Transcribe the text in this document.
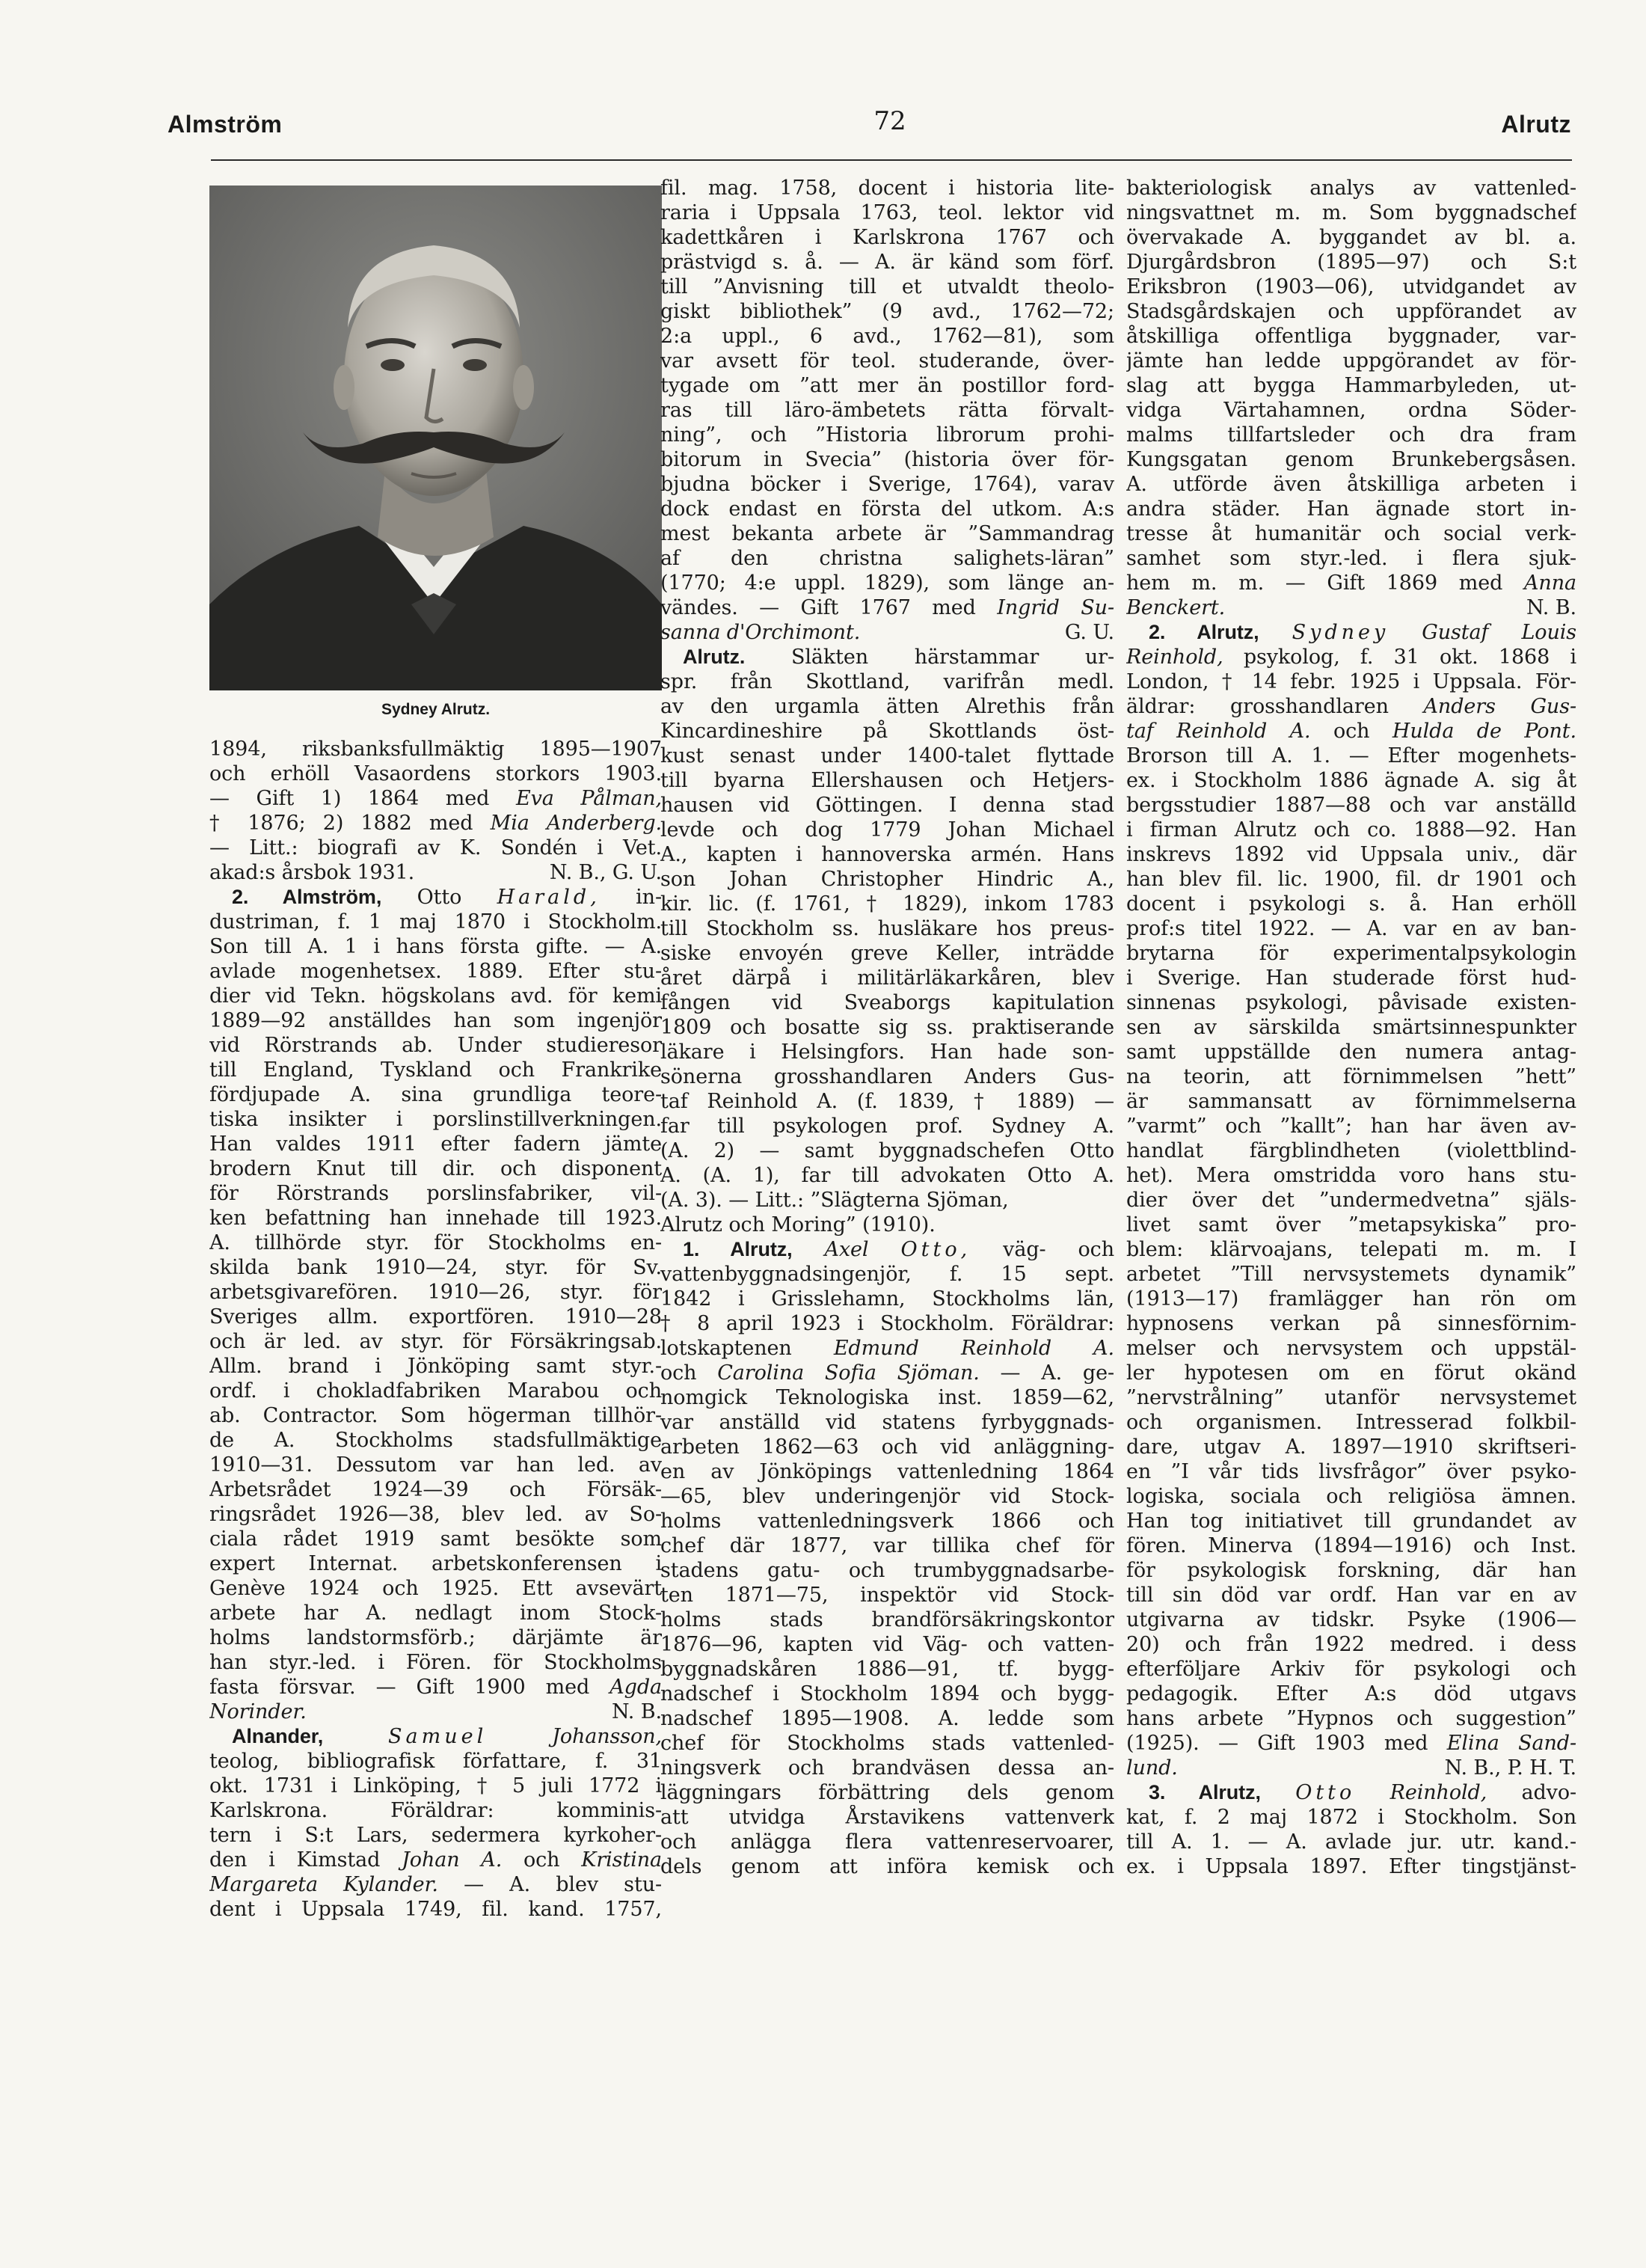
Almström	72	Alrutz
Sydney Alrutz.
1894, riksbanksfullmäktig 1895—1907
och erhöll Vasaordens storkors 1903.
— Gift 1) 1864 med Eva Pålman,
† 1876; 2) 1882 med Mia Anderberg.
— Litt.: biografi av K. Sondén i Vet.
N. B., G. U.
akad:s årsbok 1931.
2. Almström, Otto Harald, in-
dustriman, f. 1 maj 1870 i Stockholm.
Son till A. 1 i hans första gifte. — A.
avlade mogenhetsex. 1889. Efter stu-
dier vid Tekn. högskolans avd. för kemi
1889—92 anställdes han som ingenjör
vid Rörstrands ab. Under studieresor
till England, Tyskland och Frankrike
fördjupade A. sina grundliga teore-
tiska insikter i porslinstillverkningen.
Han valdes 1911 efter fadern jämte
brodern Knut till dir. och disponent
för Rörstrands porslinsfabriker, vil-
ken befattning han innehade till 1923.
A. tillhörde styr. för Stockholms en-
skilda bank 1910—24, styr. för Sv.
arbetsgivarefören. 1910—26, styr. för
Sveriges allm. exportfören. 1910—28
och är led. av styr. för Försäkringsab.
Allm. brand i Jönköping samt styr.-
ordf. i chokladfabriken Marabou och
ab. Contractor. Som högerman tillhör-
de A. Stockholms stadsfullmäktige
1910—31. Dessutom var han led. av
Arbetsrådet 1924—39 och Försäk-
ringsrådet 1926—38, blev led. av So-
ciala rådet 1919 samt besökte som
expert Internat. arbetskonferensen i
Genève 1924 och 1925. Ett avsevärt
arbete har A. nedlagt inom Stock-
holms landstormsförb.; därjämte är
han styr.-led. i Fören. för Stockholms
fasta försvar. — Gift 1900 med Agda
N. B.
Norinder.
Alnander,	Samuel	Johansson,
teolog, bibliografisk författare, f. 31
okt. 1731 i Linköping, † 5 juli 1772 i
Karlskrona. Föräldrar: komminis-
tern i S:t Lars, sedermera kyrkoher-
den i Kimstad Johan A. och Kristina
Margareta Kylander. — A. blev stu-
dent i Uppsala 1749, fil. kand. 1757,
fil. mag. 1758, docent i historia lite-
raria i Uppsala 1763, teol. lektor vid
kadettkåren i Karlskrona 1767 och
prästvigd s. å. — A. är känd som förf.
till ”Anvisning till et utvaldt theolo-
giskt bibliothek” (9 avd., 1762—72;
2:a uppl., 6 avd., 1762—81), som
var avsett för teol. studerande, över-
tygade om ”att mer än postillor ford-
ras till läro-ämbetets rätta förvalt-
ning”, och ”Historia librorum prohi-
bitorum in Svecia” (historia över för-
bjudna böcker i Sverige, 1764), varav
dock endast en första del utkom. A:s
mest bekanta arbete är ”Sammandrag
af den christna salighets-läran”
(1770; 4:e uppl. 1829), som länge an-
vändes. — Gift 1767 med Ingrid Su-
G. U.
sanna d'Orchimont.
Alrutz. Släkten härstammar ur-
spr. från Skottland, varifrån medl.
av den urgamla ätten Alrethis från
Kincardineshire på Skottlands öst-
kust senast under 1400-talet flyttade
till byarna Ellershausen och Hetjers-
hausen vid Göttingen. I denna stad
levde och dog 1779 Johan Michael
A., kapten i hannoverska armén. Hans
son Johan Christopher Hindric A.,
kir. lic. (f. 1761, † 1829), inkom 1783
till Stockholm ss. husläkare hos preus-
siske envoyén greve Keller, inträdde
året därpå i militärläkarkåren, blev
fången vid Sveaborgs kapitulation
1809 och bosatte sig ss. praktiserande
läkare i Helsingfors. Han hade son-
sönerna grosshandlaren Anders Gus-
taf Reinhold A. (f. 1839, † 1889) —
far till psykologen prof. Sydney A.
(A. 2) — samt byggnadschefen Otto
A. (A. 1), far till advokaten Otto A.
(A. 3). — Litt.: ”Slägterna Sjöman,
Alrutz och Moring” (1910).
1. Alrutz, Axel Otto, väg- och
vattenbyggnadsingenjör, f. 15 sept.
1842 i Grisslehamn, Stockholms län,
† 8 april 1923 i Stockholm. Föräldrar:
lotskaptenen Edmund Reinhold A.
och Carolina Sofia Sjöman. — A. ge-
nomgick Teknologiska inst. 1859—62,
var anställd vid statens fyrbyggnads-
arbeten 1862—63 och vid anläggning-
en av Jönköpings vattenledning 1864
—65, blev underingenjör vid Stock-
holms vattenledningsverk 1866 och
chef där 1877, var tillika chef för
stadens gatu- och trumbyggnadsarbe-
ten 1871—75, inspektör vid Stock-
holms stads brandförsäkringskontor
1876—96, kapten vid Väg- och vatten-
byggnadskåren 1886—91, tf. bygg-
nadschef i Stockholm 1894 och bygg-
nadschef 1895—1908. A. ledde som
chef för Stockholms stads vattenled-
ningsverk och brandväsen dessa an-
läggningars förbättring dels genom
att utvidga Årstavikens vattenverk
och anlägga flera vattenreservoarer,
dels genom att införa kemisk och
bakteriologisk analys av vattenled-
ningsvattnet m. m. Som byggnadschef
övervakade A. byggandet av bl. a.
Djurgårdsbron (1895—97) och S:t
Eriksbron (1903—06), utvidgandet av
Stadsgårdskajen och uppförandet av
åtskilliga offentliga byggnader, var-
jämte han ledde uppgörandet av för-
slag att bygga Hammarbyleden, ut-
vidga Värtahamnen, ordna Söder-
malms tillfartsleder och dra fram
Kungsgatan genom Brunkebergsåsen.
A. utförde även åtskilliga arbeten i
andra städer. Han ägnade stort in-
tresse åt humanitär och social verk-
samhet som styr.-led. i flera sjuk-
hem m. m. — Gift 1869 med Anna
N. B.
Benckert.
2. Alrutz, Sydney Gustaf Louis
Reinhold, psykolog, f. 31 okt. 1868 i
London, † 14 febr. 1925 i Uppsala. För-
äldrar: grosshandlaren Anders Gus-
taf Reinhold A. och Hulda de Pont.
Brorson till A. 1. — Efter mogenhets-
ex. i Stockholm 1886 ägnade A. sig åt
bergsstudier 1887—88 och var anställd
i firman Alrutz och co. 1888—92. Han
inskrevs 1892 vid Uppsala univ., där
han blev fil. lic. 1900, fil. dr 1901 och
docent i psykologi s. å. Han erhöll
prof:s titel 1922. — A. var en av ban-
brytarna för experimentalpsykologin
i Sverige. Han studerade först hud-
sinnenas psykologi, påvisade existen-
sen av särskilda smärtsinnespunkter
samt uppställde den numera antag-
na teorin, att förnimmelsen ”hett”
är sammansatt av förnimmelserna
”varmt” och ”kallt”; han har även av-
handlat färgblindheten (violettblind-
het). Mera omstridda voro hans stu-
dier över det ”undermedvetna” själs-
livet samt över ”metapsykiska” pro-
blem: klärvoajans, telepati m. m. I
arbetet ”Till nervsystemets dynamik”
(1913—17) framlägger han rön om
hypnosens verkan på sinnesförnim-
melser och nervsystem och uppstäl-
ler hypotesen om en förut okänd
”nervstrålning” utanför nervsystemet
och organismen. Intresserad folkbil-
dare, utgav A. 1897—1910 skriftseri-
en ”I vår tids livsfrågor” över psyko-
logiska, sociala och religiösa ämnen.
Han tog initiativet till grundandet av
fören. Minerva (1894—1916) och Inst.
för psykologisk forskning, där han
till sin död var ordf. Han var en av
utgivarna av tidskr. Psyke (1906—
20) och från 1922 medred. i dess
efterföljare Arkiv för psykologi och
pedagogik. Efter A:s död utgavs
hans arbete ”Hypnos och suggestion”
(1925). — Gift 1903 med Elina Sand-
N. B., P. H. T.
lund.
3. Alrutz, Otto Reinhold, advo-
kat, f. 2 maj 1872 i Stockholm. Son
till A. 1. — A. avlade jur. utr. kand.-
ex. i Uppsala 1897. Efter tingstjänst-
